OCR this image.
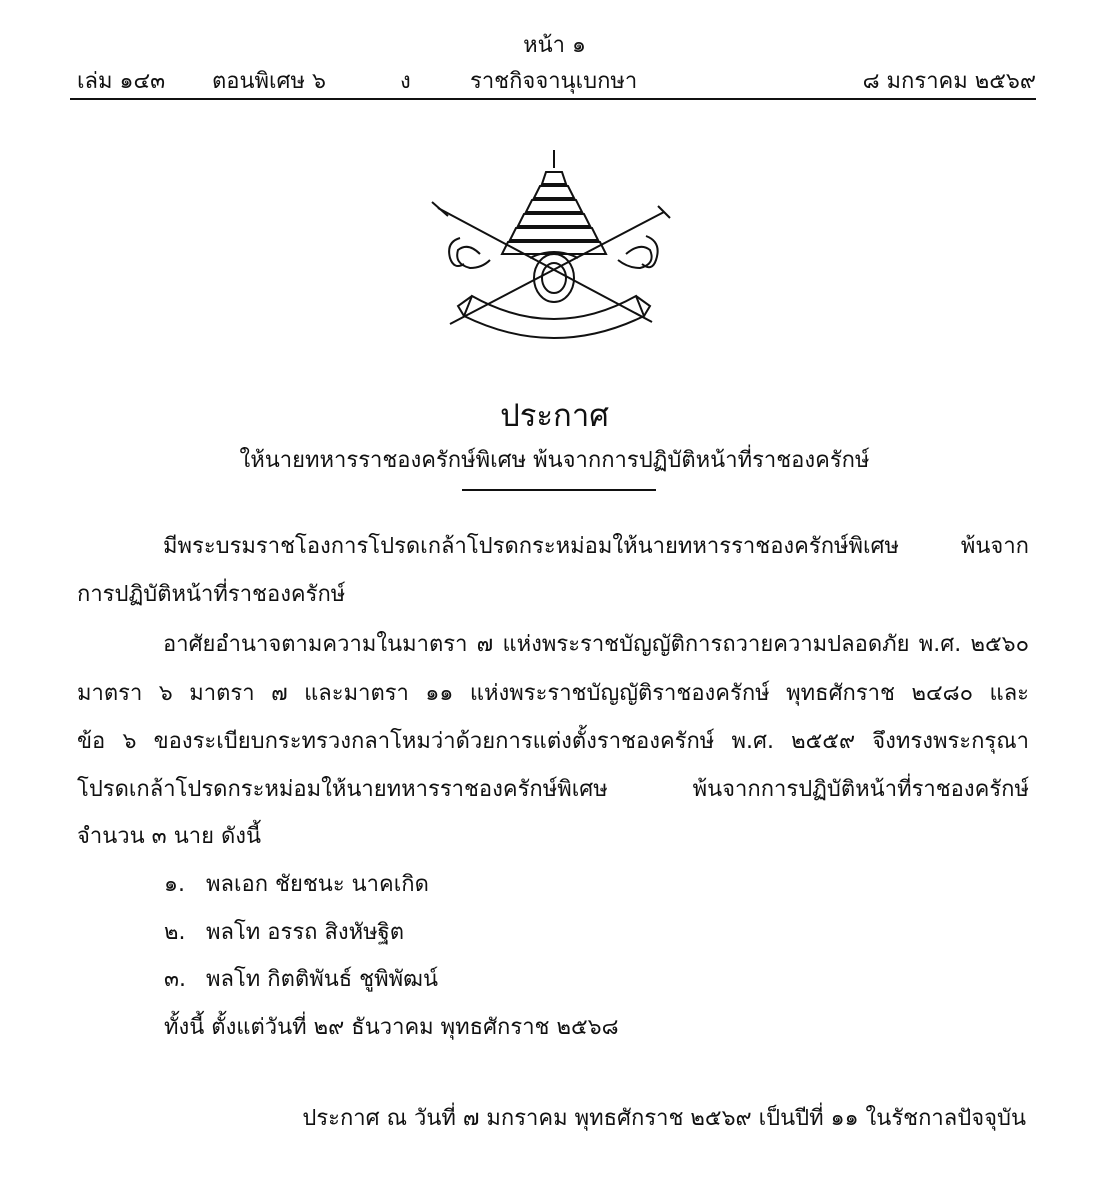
หน้า ๑
เล่ม ๑๔๓ ตอนพิเศษ ๖	ง	ราชกิจจานุเบกษา	๘ มกราคม ๒๕๖๙
ประกาศ
ให้นายทหารราชองครักษ์พิเศษ พ้นจากการปฏิบัติหน้าที่ราชองครักษ์
มีพระบรมราชโองการโปรดเกล้าโปรดกระหม่อมให้นายทหารราชองครักษ์พิเศษ พ้นจาก
การปฏิบัติหน้าที่ราชองครักษ์
อาศัยอำนาจตามความในมาตรา ๗ แห่งพระราชบัญญัติการถวายความปลอดภัย พ.ศ. ๒๕๖๐
มาตรา ๖ มาตรา ๗ และมาตรา ๑๑ แห่งพระราชบัญญัติราชองครักษ์ พุทธศักราช ๒๔๘๐ และ
ข้อ ๖ ของระเบียบกระทรวงกลาโหมว่าด้วยการแต่งตั้งราชองครักษ์ พ.ศ. ๒๕๕๙ จึงทรงพระกรุณา
โปรดเกล้าโปรดกระหม่อมให้นายทหารราชองครักษ์พิเศษ พ้นจากการปฏิบัติหน้าที่ราชองครักษ์
จำนวน ๓ นาย ดังนี้
๑. พลเอก ชัยชนะ นาคเกิด
๒. พลโท อรรถ สิงหัษฐิต
๓. พลโท กิตติพันธ์ ชูพิพัฒน์
ทั้งนี้ ตั้งแต่วันที่ ๒๙ ธันวาคม พุทธศักราช ๒๕๖๘
ประกาศ ณ วันที่ ๗ มกราคม พุทธศักราช ๒๕๖๙ เป็นปีที่ ๑๑ ในรัชกาลปัจจุบัน
